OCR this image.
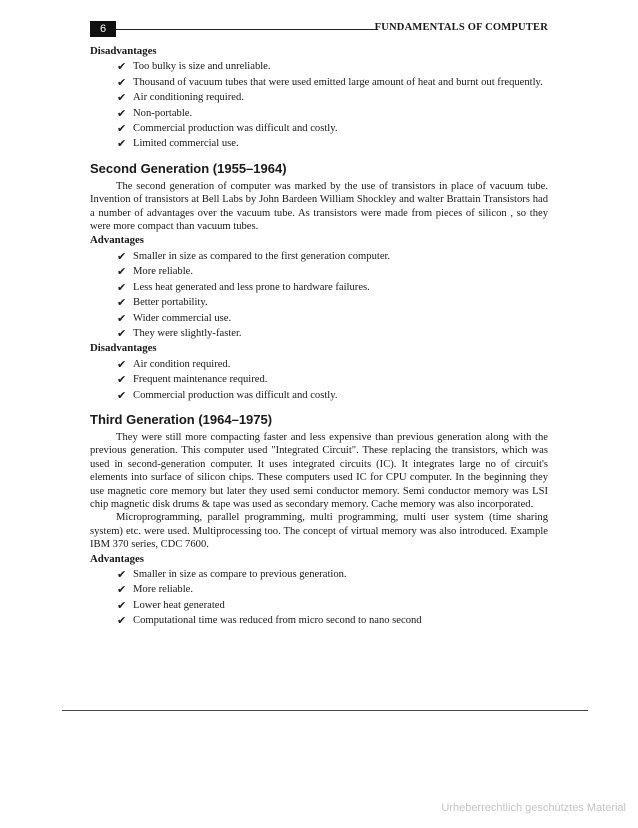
6	FUNDAMENTALS OF COMPUTER

Disadvantages

✔ Too bulky is size and unreliable.
✔ Thousand of vacuum tubes that were used emitted large amount of heat and burnt out frequently.
✔ Air conditioning required.
✔ Non-portable.
✔ Commercial production was difficult and costly.
✔ Limited commercial use.
Second Generation (1955–1964)

The second generation of computer was marked by the use of transistors in place of vacuum tube. Invention of transistors at Bell Labs by John Bardeen William Shockley and walter Brattain Transistors had a number of advantages over the vacuum tube. As transistors were made from pieces of silicon , so they were more compact than vacuum tubes.

Advantages

✔ Smaller in size as compared to the first generation computer.
✔ More reliable.
✔ Less heat generated and less prone to hardware failures.
✔ Better portability.
✔ Wider commercial use.
✔ They were slightly-faster.

Disadvantages

✔ Air condition required.
✔ Frequent maintenance required.
✔ Commercial production was difficult and costly.
Third Generation (1964–1975)

They were still more compacting faster and less expensive than previous generation along with the previous generation. This computer used "Integrated Circuit". These replacing the transistors, which was used in second-generation computer. It uses integrated circuits (IC). It integrates large no of circuit's elements into surface of silicon chips. These computers used IC for CPU computer. In the beginning they use magnetic core memory but later they used semi conductor memory. Semi conductor memory was LSI chip magnetic disk drums & tape was used as secondary memory. Cache memory was also incorporated.

Microprogramming, parallel programming, multi programming, multi user system (time sharing system) etc. were used. Multiprocessing too. The concept of virtual memory was also introduced. Example IBM 370 series, CDC 7600.

Advantages

✔ Smaller in size as compare to previous generation.
✔ More reliable.
✔ Lower heat generated
✔ Computational time was reduced from micro second to nano second
Urheberrechtlich geschütztes Material
